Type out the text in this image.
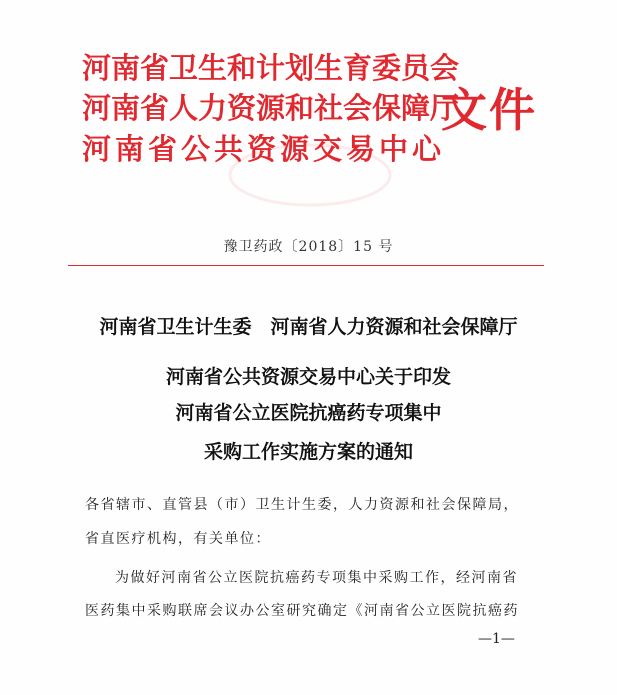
河南省卫生和计划生育委员会
河南省人力资源和社会保障厅
河南省公共资源交易中心
文件
豫卫药政〔2018〕15 号
河南省卫生计生委　河南省人力资源和社会保障厅
河南省公共资源交易中心关于印发
河南省公立医院抗癌药专项集中
采购工作实施方案的通知
各省辖市、直管县（市）卫生计生委，人力资源和社会保障局，
省直医疗机构，有关单位：
为做好河南省公立医院抗癌药专项集中采购工作，经河南省
医药集中采购联席会议办公室研究确定《河南省公立医院抗癌药
—1—
